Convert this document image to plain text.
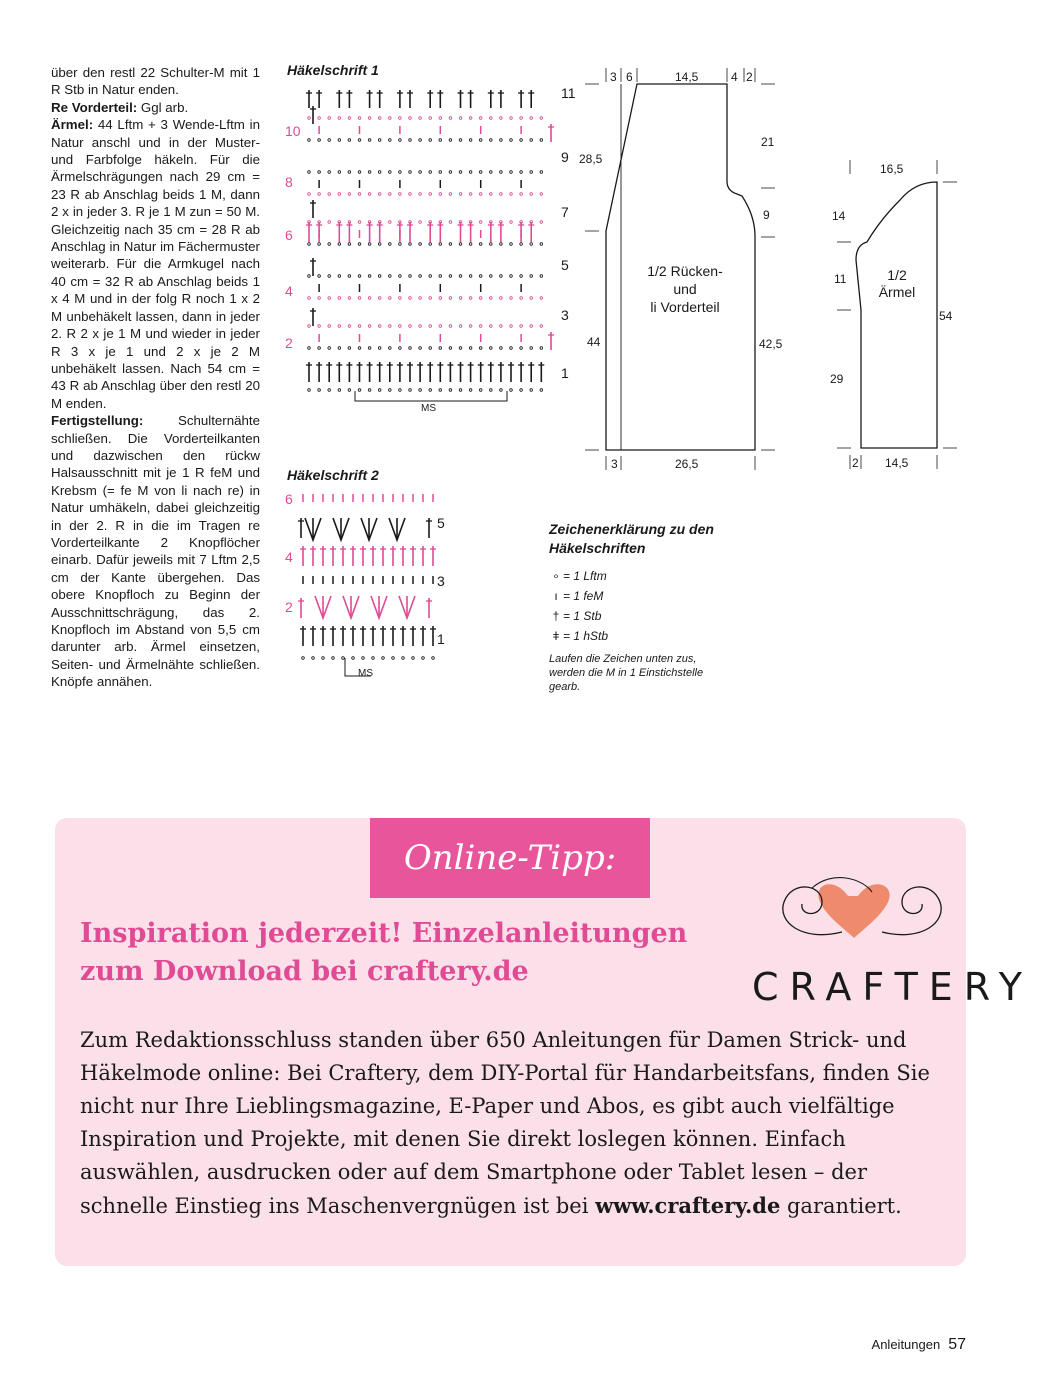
über den restl 22 Schulter-M mit 1 R Stb in Natur enden.

Re Vorderteil: Ggl arb.

Ärmel: 44 Lftm + 3 Wende-Lftm in Natur anschl und in der Muster- und Farbfolge häkeln. Für die Ärmelschrägungen nach 29 cm = 23 R ab Anschlag beids 1 M, dann 2 x in jeder 3. R je 1 M zun = 50 M. Gleichzeitig nach 35 cm = 28 R ab Anschlag in Natur im Fächermuster weiterarb. Für die Armkugel nach 40 cm = 32 R ab Anschlag beids 1 x 4 M und in der folg R noch 1 x 2 M unbehäkelt lassen, dann in jeder 2. R 2 x je 1 M und wieder in jeder R 3 x je 1 und 2 x je 2 M unbehäkelt lassen. Nach 54 cm = 43 R ab Anschlag über den restl 20 M enden.

Fertigstellung: Schulternähte schließen. Die Vorderteilkanten und dazwischen den rückw Halsausschnitt mit je 1 R feM und Krebsm (= fe M von li nach re) in Natur umhäkeln, dabei gleichzeitig in der 2. R in die im Tragen re Vorderteilkante 2 Knopflöcher einarb. Dafür jeweils mit 7 Lftm 2,5 cm der Kante übergehen. Das obere Knopfloch zu Beginn der Ausschnittschrägung, das 2. Knopfloch im Abstand von 5,5 cm darunter arb. Ärmel einsetzen, Seiten- und Ärmelnähte schließen. Knöpfe annähen.

Häkelschrift 1
11
9
7
5
3
1
10
8
6
4
2
MS
Häkelschrift 2
5
3
1
6
4
2
MS
3 6	14,5	4 2
3	26,5
28,5
44
21
9
42,5
1/2 Rücken-
und
li Vorderteil
16,5
14
11
29
54
2 14,5
1/2
Ärmel
Zeichenerklärung zu den Häkelschriften
∘ = 1 Lftm
ı = 1 feM
† = 1 Stb
ǂ = 1 hStb
Laufen die Zeichen unten zus, werden die M in 1 Einstichstelle gearb.
Online-Tipp:
Inspiration jederzeit! Einzelanleitungen
zum Download bei craftery.de	CRAFTERY
Zum Redaktionsschluss standen über 650 Anleitungen für Damen Strick- und Häkelmode online: Bei Craftery, dem DIY-Portal für Handarbeitsfans, finden Sie nicht nur Ihre Lieblingsmagazine, E-Paper und Abos, es gibt auch vielfältige Inspiration und Projekte, mit denen Sie direkt loslegen können. Einfach auswählen, ausdrucken oder auf dem Smartphone oder Tablet lesen – der schnelle Einstieg ins Maschenvergnügen ist bei www.craftery.de garantiert.
Anleitungen 57
